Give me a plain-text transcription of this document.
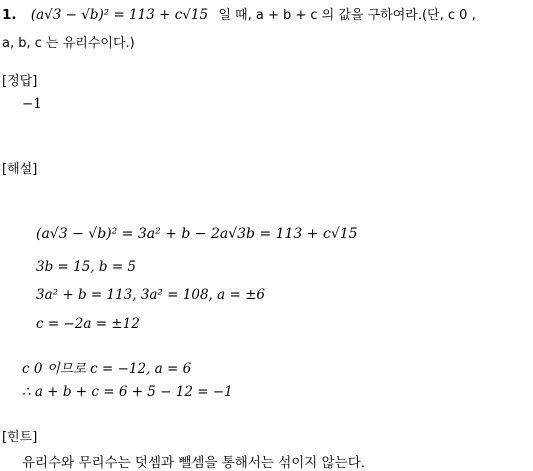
1. (a√3 − √b)² = 113 + c√15 일 때, a + b + c 의 값을 구하여라.(단, c 0 ,
a, b, c 는 유리수이다.)
[정답]
−1
[해설]
(a√3 − √b)² = 3a² + b − 2a√3b = 113 + c√15
3b = 15, b = 5
3a² + b = 113, 3a² = 108, a = ±6
c = −2a = ±12
c 0 이므로 c = −12, a = 6
∴ a + b + c = 6 + 5 − 12 = −1
[힌트]
유리수와 무리수는 덧셈과 뺄셈을 통해서는 섞이지 않는다.
